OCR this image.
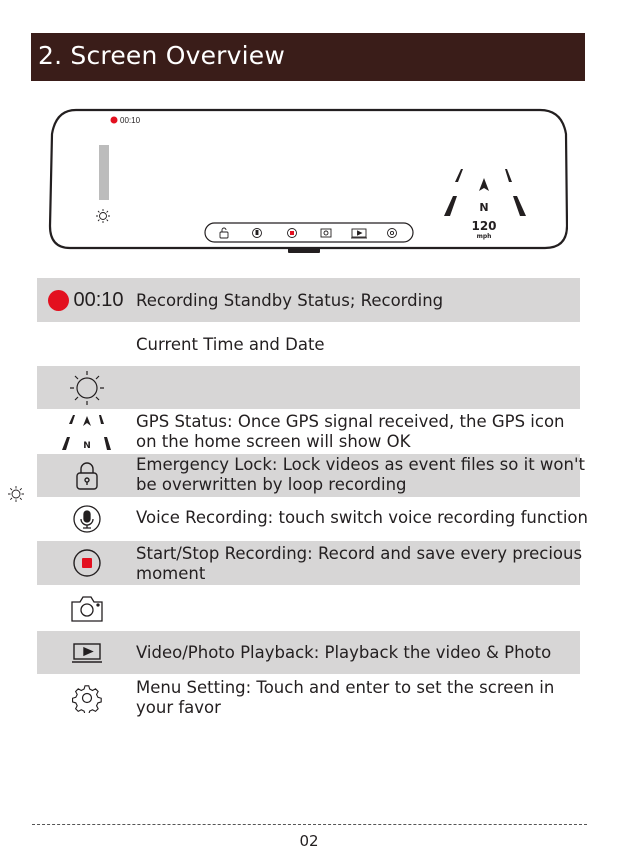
2. Screen Overview
00:10
N
120
mph
00:10 Recording Standby Status; Recording
Current Time and Date
N
GPS Status: Once GPS signal received, the GPS icon
on the home screen will show OK
Emergency Lock: Lock videos as event files so it won't
be overwritten by loop recording
Voice Recording: touch switch voice recording function
Start/Stop Recording: Record and save every precious
moment
Video/Photo Playback: Playback the video & Photo
Menu Setting: Touch and enter to set the screen in
your favor
02
